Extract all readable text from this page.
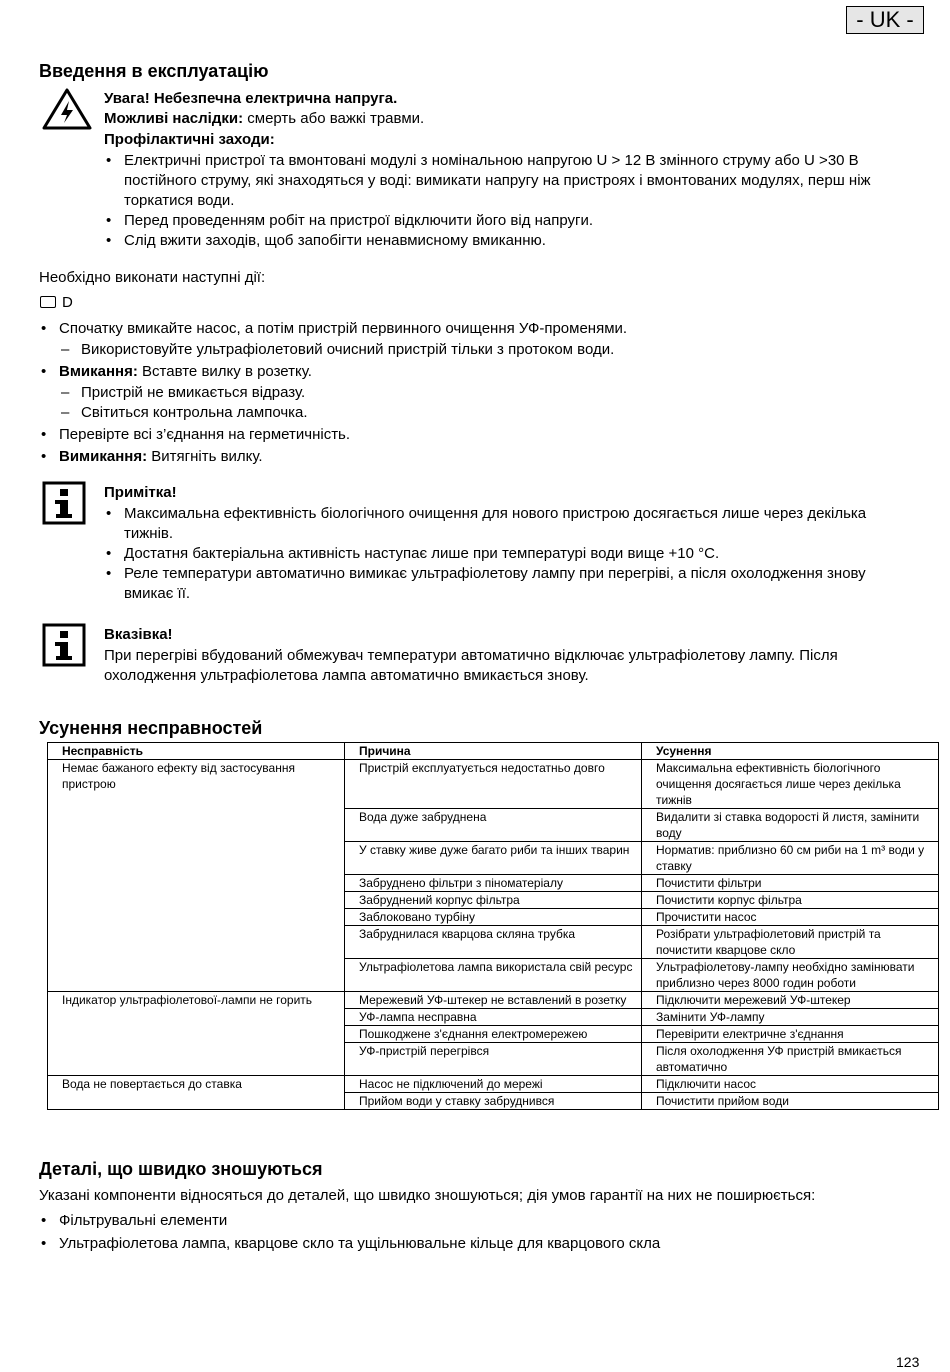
- UK -
Введення в експлуатацію
Увага! Небезпечна електрична напруга.
Можливі наслідки: смерть або важкі травми.
Профілактичні заходи:
• Електричні пристрої та вмонтовані модулі з номінальною напругою U > 12 В змінного струму або U >30 В постійного струму, які знаходяться у воді: вимикати напругу на пристроях і вмонтованих модулях, перш ніж торкатися води.
• Перед проведенням робіт на пристрої відключити його від напруги.
• Слід вжити заходів, щоб запобігти ненавмисному вмиканню.
Необхідно виконати наступні дії:
D
• Спочатку вмикайте насос, а потім пристрій первинного очищення УФ-променями.
– Використовуйте ультрафіолетовий очисний пристрій тільки з протоком води.
• Вмикання: Вставте вилку в розетку.
– Пристрій не вмикається відразу.
– Світиться контрольна лампочка.
• Перевірте всі з’єднання на герметичність.
• Вимикання: Витягніть вилку.
Примітка!
• Максимальна ефективність біологічного очищення для нового пристрою досягається лише через декілька тижнів.
• Достатня бактеріальна активність наступає лише при температурі води вище +10 °C.
• Реле температури автоматично вимикає ультрафіолетову лампу при перегріві, а після охолодження знову вмикає її.
Вказівка!
При перегріві вбудований обмежувач температури автоматично відключає ультрафіолетову лампу. Після охолодження ультрафіолетова лампа автоматично вмикається знову.
Усунення несправностей
Несправність	Причина	Усунення
Немає бажаного ефекту від застосування пристрою	Пристрій експлуатується недостатньо довго	Максимальна ефективність біологічного очищення досягається лише через декілька тижнів
	Вода дуже забруднена	Видалити зі ставка водорості й листя, замінити воду
	У ставку живе дуже багато риби та інших тварин	Норматив: приблизно 60 см риби на 1 m³ води у ставку
	Забруднено фільтри з піноматеріалу	Почистити фільтри
	Забруднений корпус фільтра	Почистити корпус фільтра
	Заблоковано турбіну	Прочистити насос
	Забруднилася кварцова скляна трубка	Розібрати ультрафіолетовий пристрій та почистити кварцове скло
	Ультрафіолетова лампа використала свій ресурс	Ультрафіолетову-лампу необхідно замінювати приблизно через 8000 годин роботи
Індикатор ультрафіолетової-лампи не горить	Мережевий УФ-штекер не вставлений в розетку	Підключити мережевий УФ-штекер
	УФ-лампа несправна	Замінити УФ-лампу
	Пошкоджене з'єднання електромережею	Перевірити електричне з'єднання
	УФ-пристрій перегрівся	Після охолодження УФ пристрій вмикається автоматично
Вода не повертається до ставка	Насос не підключений до мережі	Підключити насос
	Прийом води у ставку забруднився	Почистити прийом води
Деталі, що швидко зношуються
Указані компоненти відносяться до деталей, що швидко зношуються; дія умов гарантії на них не поширюється:
• Фільтрувальні елементи
• Ультрафіолетова лампа, кварцове скло та ущільнювальне кільце для кварцового скла
123
